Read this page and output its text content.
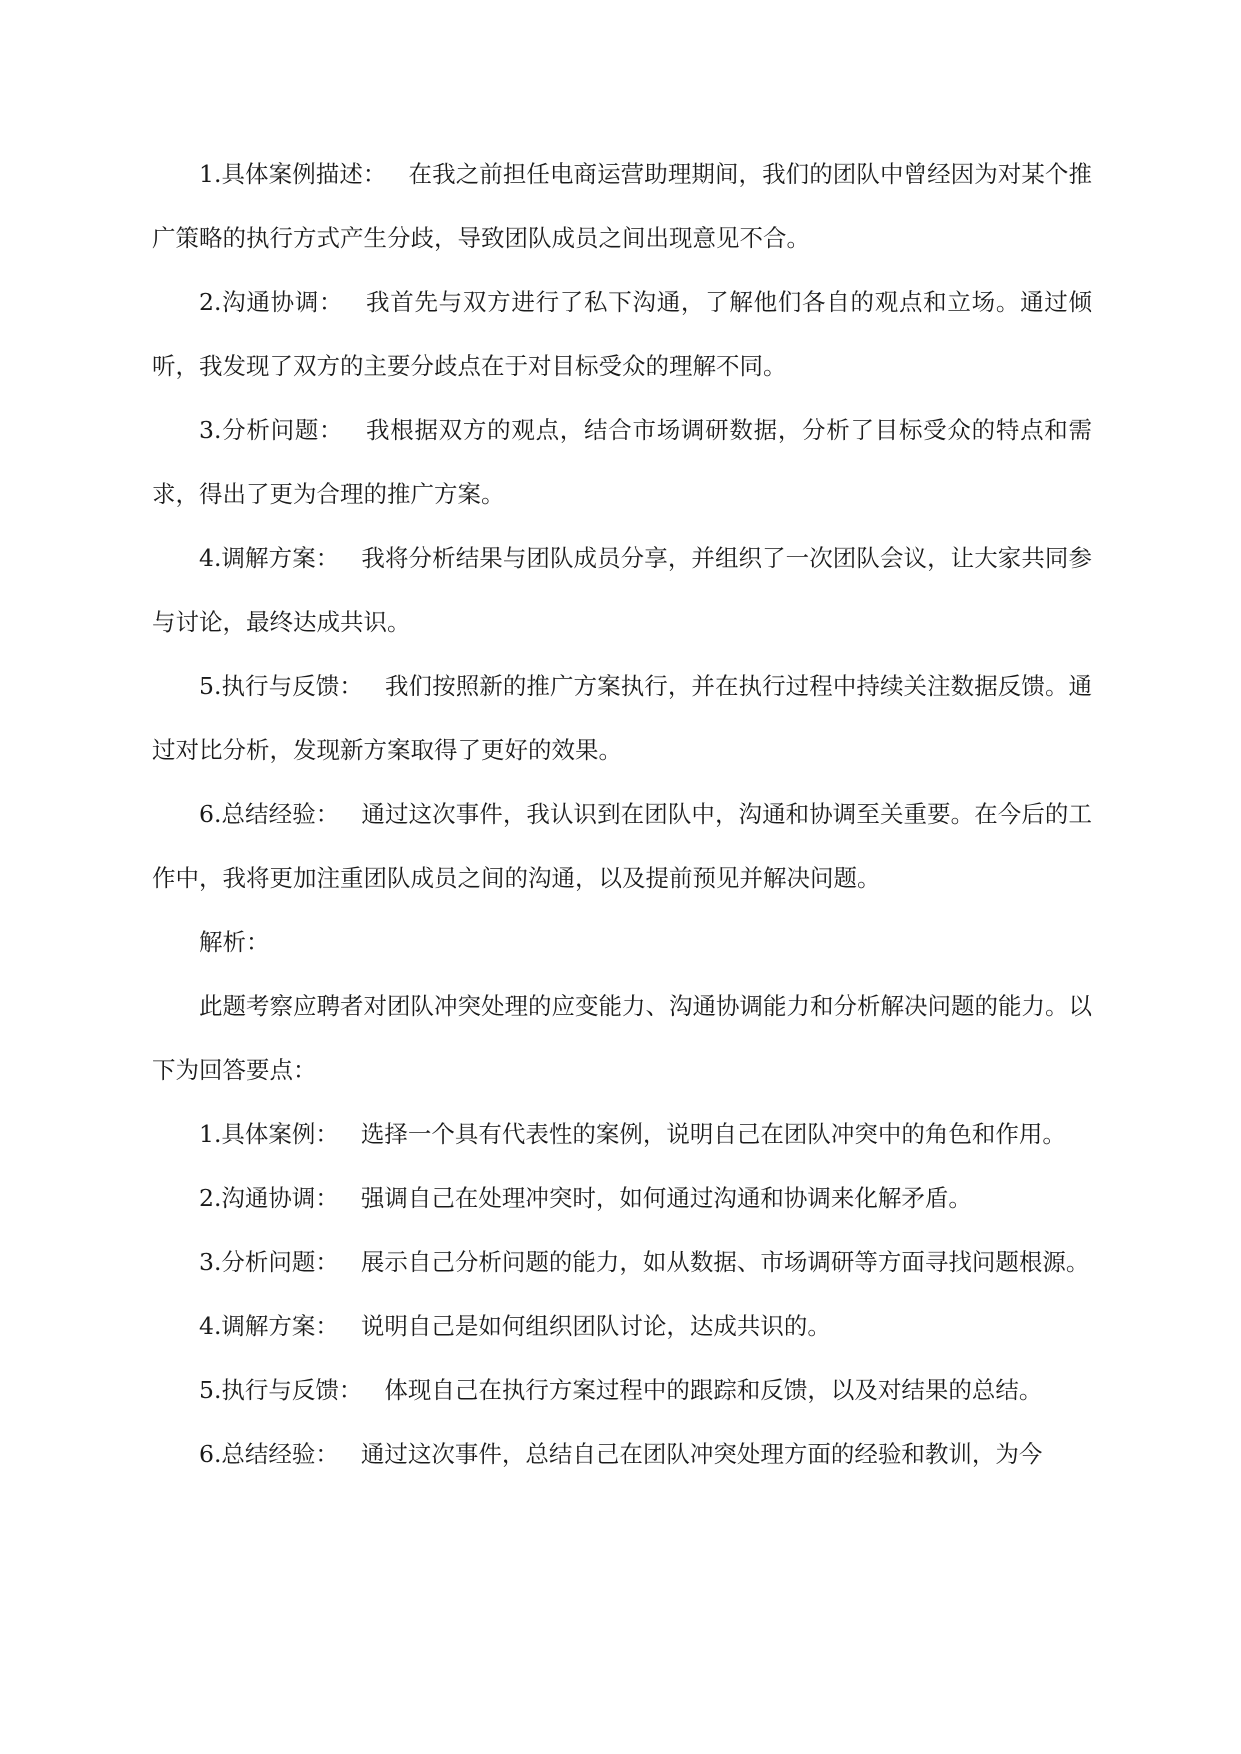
1.具体案例描述： 在我之前担任电商运营助理期间，我们的团队中曾经因为对某个推广策略的执行方式产生分歧，导致团队成员之间出现意见不合。

2.沟通协调： 我首先与双方进行了私下沟通，了解他们各自的观点和立场。通过倾听，我发现了双方的主要分歧点在于对目标受众的理解不同。

3.分析问题： 我根据双方的观点，结合市场调研数据，分析了目标受众的特点和需求，得出了更为合理的推广方案。

4.调解方案： 我将分析结果与团队成员分享，并组织了一次团队会议，让大家共同参与讨论，最终达成共识。

5.执行与反馈： 我们按照新的推广方案执行，并在执行过程中持续关注数据反馈。通过对比分析，发现新方案取得了更好的效果。

6.总结经验： 通过这次事件，我认识到在团队中，沟通和协调至关重要。在今后的工作中，我将更加注重团队成员之间的沟通，以及提前预见并解决问题。

解析：

此题考察应聘者对团队冲突处理的应变能力、沟通协调能力和分析解决问题的能力。以下为回答要点：

1.具体案例： 选择一个具有代表性的案例，说明自己在团队冲突中的角色和作用。

2.沟通协调： 强调自己在处理冲突时，如何通过沟通和协调来化解矛盾。

3.分析问题： 展示自己分析问题的能力，如从数据、市场调研等方面寻找问题根源。

4.调解方案： 说明自己是如何组织团队讨论，达成共识的。

5.执行与反馈： 体现自己在执行方案过程中的跟踪和反馈，以及对结果的总结。

6.总结经验： 通过这次事件，总结自己在团队冲突处理方面的经验和教训，为今
